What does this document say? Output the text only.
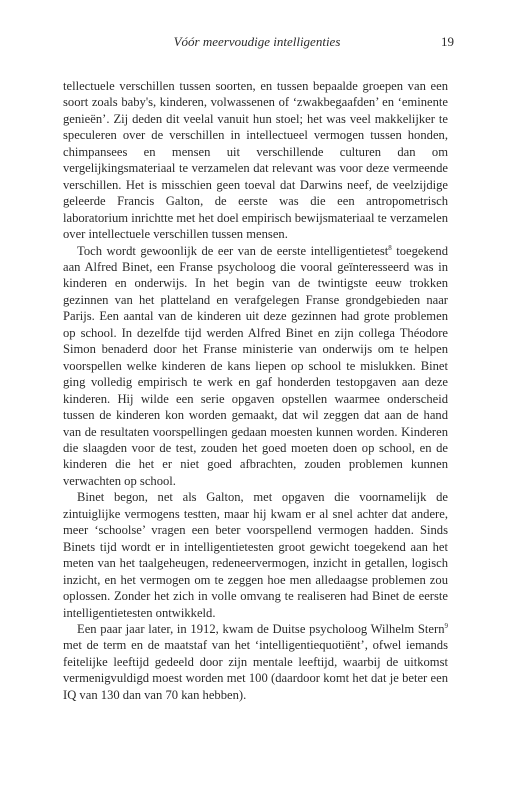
Vóór meervoudige intelligenties	19

tellectuele verschillen tussen soorten, en tussen bepaalde groepen van een soort zoals baby's, kinderen, volwassenen of ‘zwakbegaafden’ en ‘eminente genieën’. Zij deden dit veelal vanuit hun stoel; het was veel makkelijker te speculeren over de verschillen in intellectueel vermogen tussen honden, chimpansees en mensen uit verschillende culturen dan om vergelijkingsmateriaal te verzamelen dat relevant was voor deze vermeende verschillen. Het is misschien geen toeval dat Darwins neef, de veelzijdige geleerde Francis Galton, de eerste was die een antropometrisch laboratorium inrichtte met het doel empirisch bewijsmateriaal te verzamelen over intellectuele verschillen tussen mensen.

Toch wordt gewoonlijk de eer van de eerste intelligentietest$^8$ toegekend aan Alfred Binet, een Franse psycholoog die vooral geïnteresseerd was in kinderen en onderwijs. In het begin van de twintigste eeuw trokken gezinnen van het platteland en verafgelegen Franse grondgebieden naar Parijs. Een aantal van de kinderen uit deze gezinnen had grote problemen op school. In dezelfde tijd werden Alfred Binet en zijn collega Théodore Simon benaderd door het Franse ministerie van onderwijs om te helpen voorspellen welke kinderen de kans liepen op school te mislukken. Binet ging volledig empirisch te werk en gaf honderden testopgaven aan deze kinderen. Hij wilde een serie opgaven opstellen waarmee onderscheid tussen de kinderen kon worden gemaakt, dat wil zeggen dat aan de hand van de resultaten voorspellingen gedaan moesten kunnen worden. Kinderen die slaagden voor de test, zouden het goed moeten doen op school, en de kinderen die het er niet goed afbrachten, zouden problemen kunnen verwachten op school.

Binet begon, net als Galton, met opgaven die voornamelijk de zintuiglijke vermogens testten, maar hij kwam er al snel achter dat andere, meer ‘schoolse’ vragen een beter voorspellend vermogen hadden. Sinds Binets tijd wordt er in intelligentietesten groot gewicht toegekend aan het meten van het taalgeheugen, redeneervermogen, inzicht in getallen, logisch inzicht, en het vermogen om te zeggen hoe men alledaagse problemen zou oplossen. Zonder het zich in volle omvang te realiseren had Binet de eerste intelligentietesten ontwikkeld.

Een paar jaar later, in 1912, kwam de Duitse psycholoog Wilhelm Stern$^9$ met de term en de maatstaf van het ‘intelligentiequotiënt’, ofwel iemands feitelijke leeftijd gedeeld door zijn mentale leeftijd, waarbij de uitkomst vermenigvuldigd moest worden met 100 (daardoor komt het dat je beter een IQ van 130 dan van 70 kan hebben).
